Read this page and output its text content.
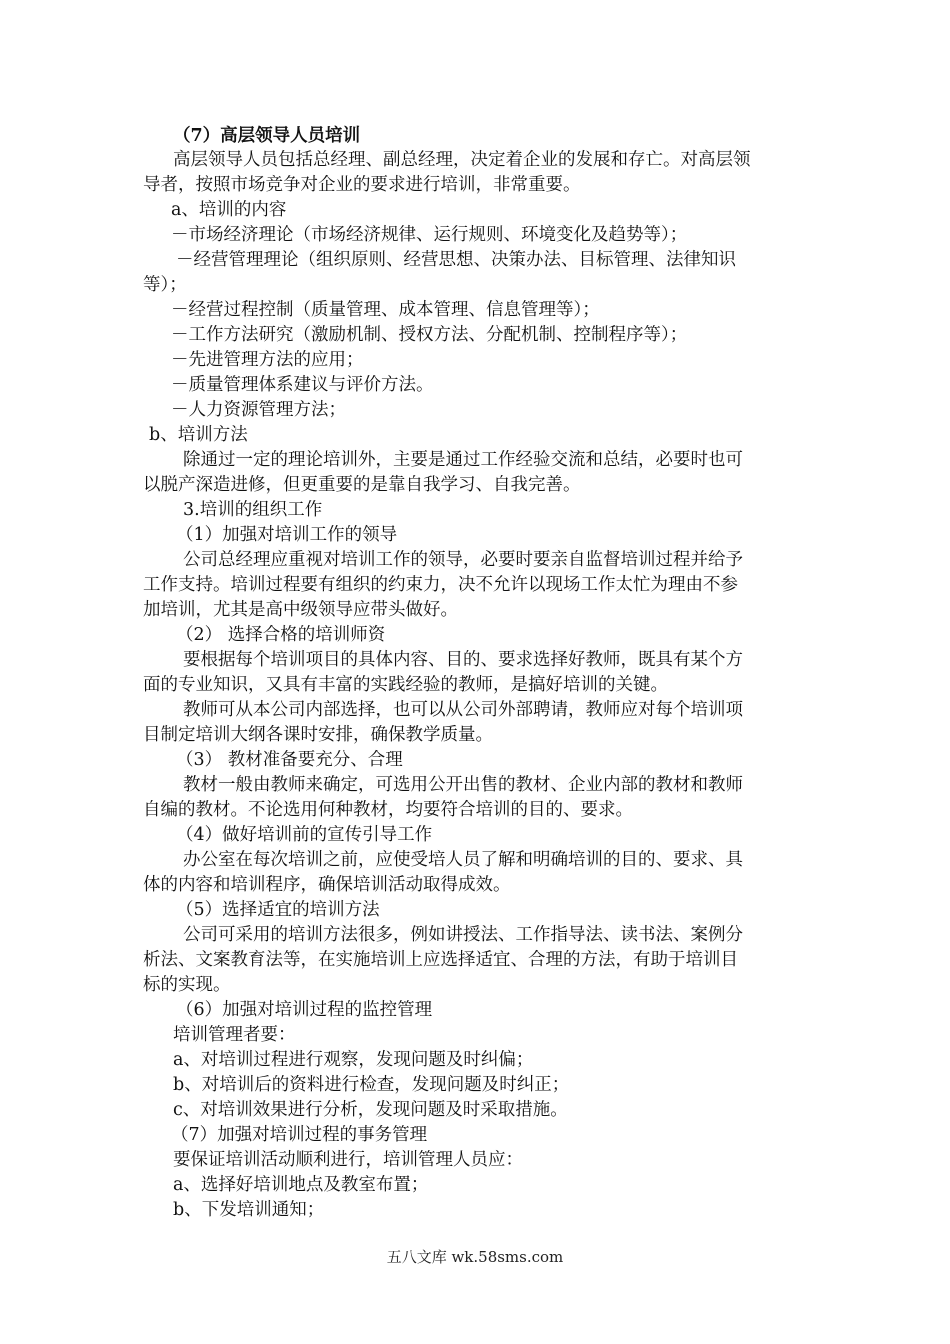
（7）高层领导人员培训
高层领导人员包括总经理、副总经理，决定着企业的发展和存亡。对高层领
导者，按照市场竞争对企业的要求进行培训，非常重要。
a、培训的内容
－市场经济理论（市场经济规律、运行规则、环境变化及趋势等）；
－经营管理理论（组织原则、经营思想、决策办法、目标管理、法律知识
等）；
－经营过程控制（质量管理、成本管理、信息管理等）；
－工作方法研究（激励机制、授权方法、分配机制、控制程序等）；
－先进管理方法的应用；
－质量管理体系建议与评价方法。
－人力资源管理方法；
b、培训方法
除通过一定的理论培训外，主要是通过工作经验交流和总结，必要时也可
以脱产深造进修，但更重要的是靠自我学习、自我完善。
3.培训的组织工作
（1）加强对培训工作的领导
公司总经理应重视对培训工作的领导，必要时要亲自监督培训过程并给予
工作支持。培训过程要有组织的约束力，决不允许以现场工作太忙为理由不参
加培训，尤其是高中级领导应带头做好。
（2） 选择合格的培训师资
要根据每个培训项目的具体内容、目的、要求选择好教师，既具有某个方
面的专业知识，又具有丰富的实践经验的教师，是搞好培训的关键。
教师可从本公司内部选择，也可以从公司外部聘请，教师应对每个培训项
目制定培训大纲各课时安排，确保教学质量。
（3） 教材准备要充分、合理
教材一般由教师来确定，可选用公开出售的教材、企业内部的教材和教师
自编的教材。不论选用何种教材，均要符合培训的目的、要求。
（4）做好培训前的宣传引导工作
办公室在每次培训之前，应使受培人员了解和明确培训的目的、要求、具
体的内容和培训程序，确保培训活动取得成效。
（5）选择适宜的培训方法
公司可采用的培训方法很多，例如讲授法、工作指导法、读书法、案例分
析法、文案教育法等，在实施培训上应选择适宜、合理的方法，有助于培训目
标的实现。
（6）加强对培训过程的监控管理
培训管理者要：
a、对培训过程进行观察，发现问题及时纠偏；
b、对培训后的资料进行检查，发现问题及时纠正；
c、对培训效果进行分析，发现问题及时采取措施。
（7）加强对培训过程的事务管理
要保证培训活动顺利进行，培训管理人员应：
a、选择好培训地点及教室布置；
b、下发培训通知；
五八文库 wk.58sms.com
